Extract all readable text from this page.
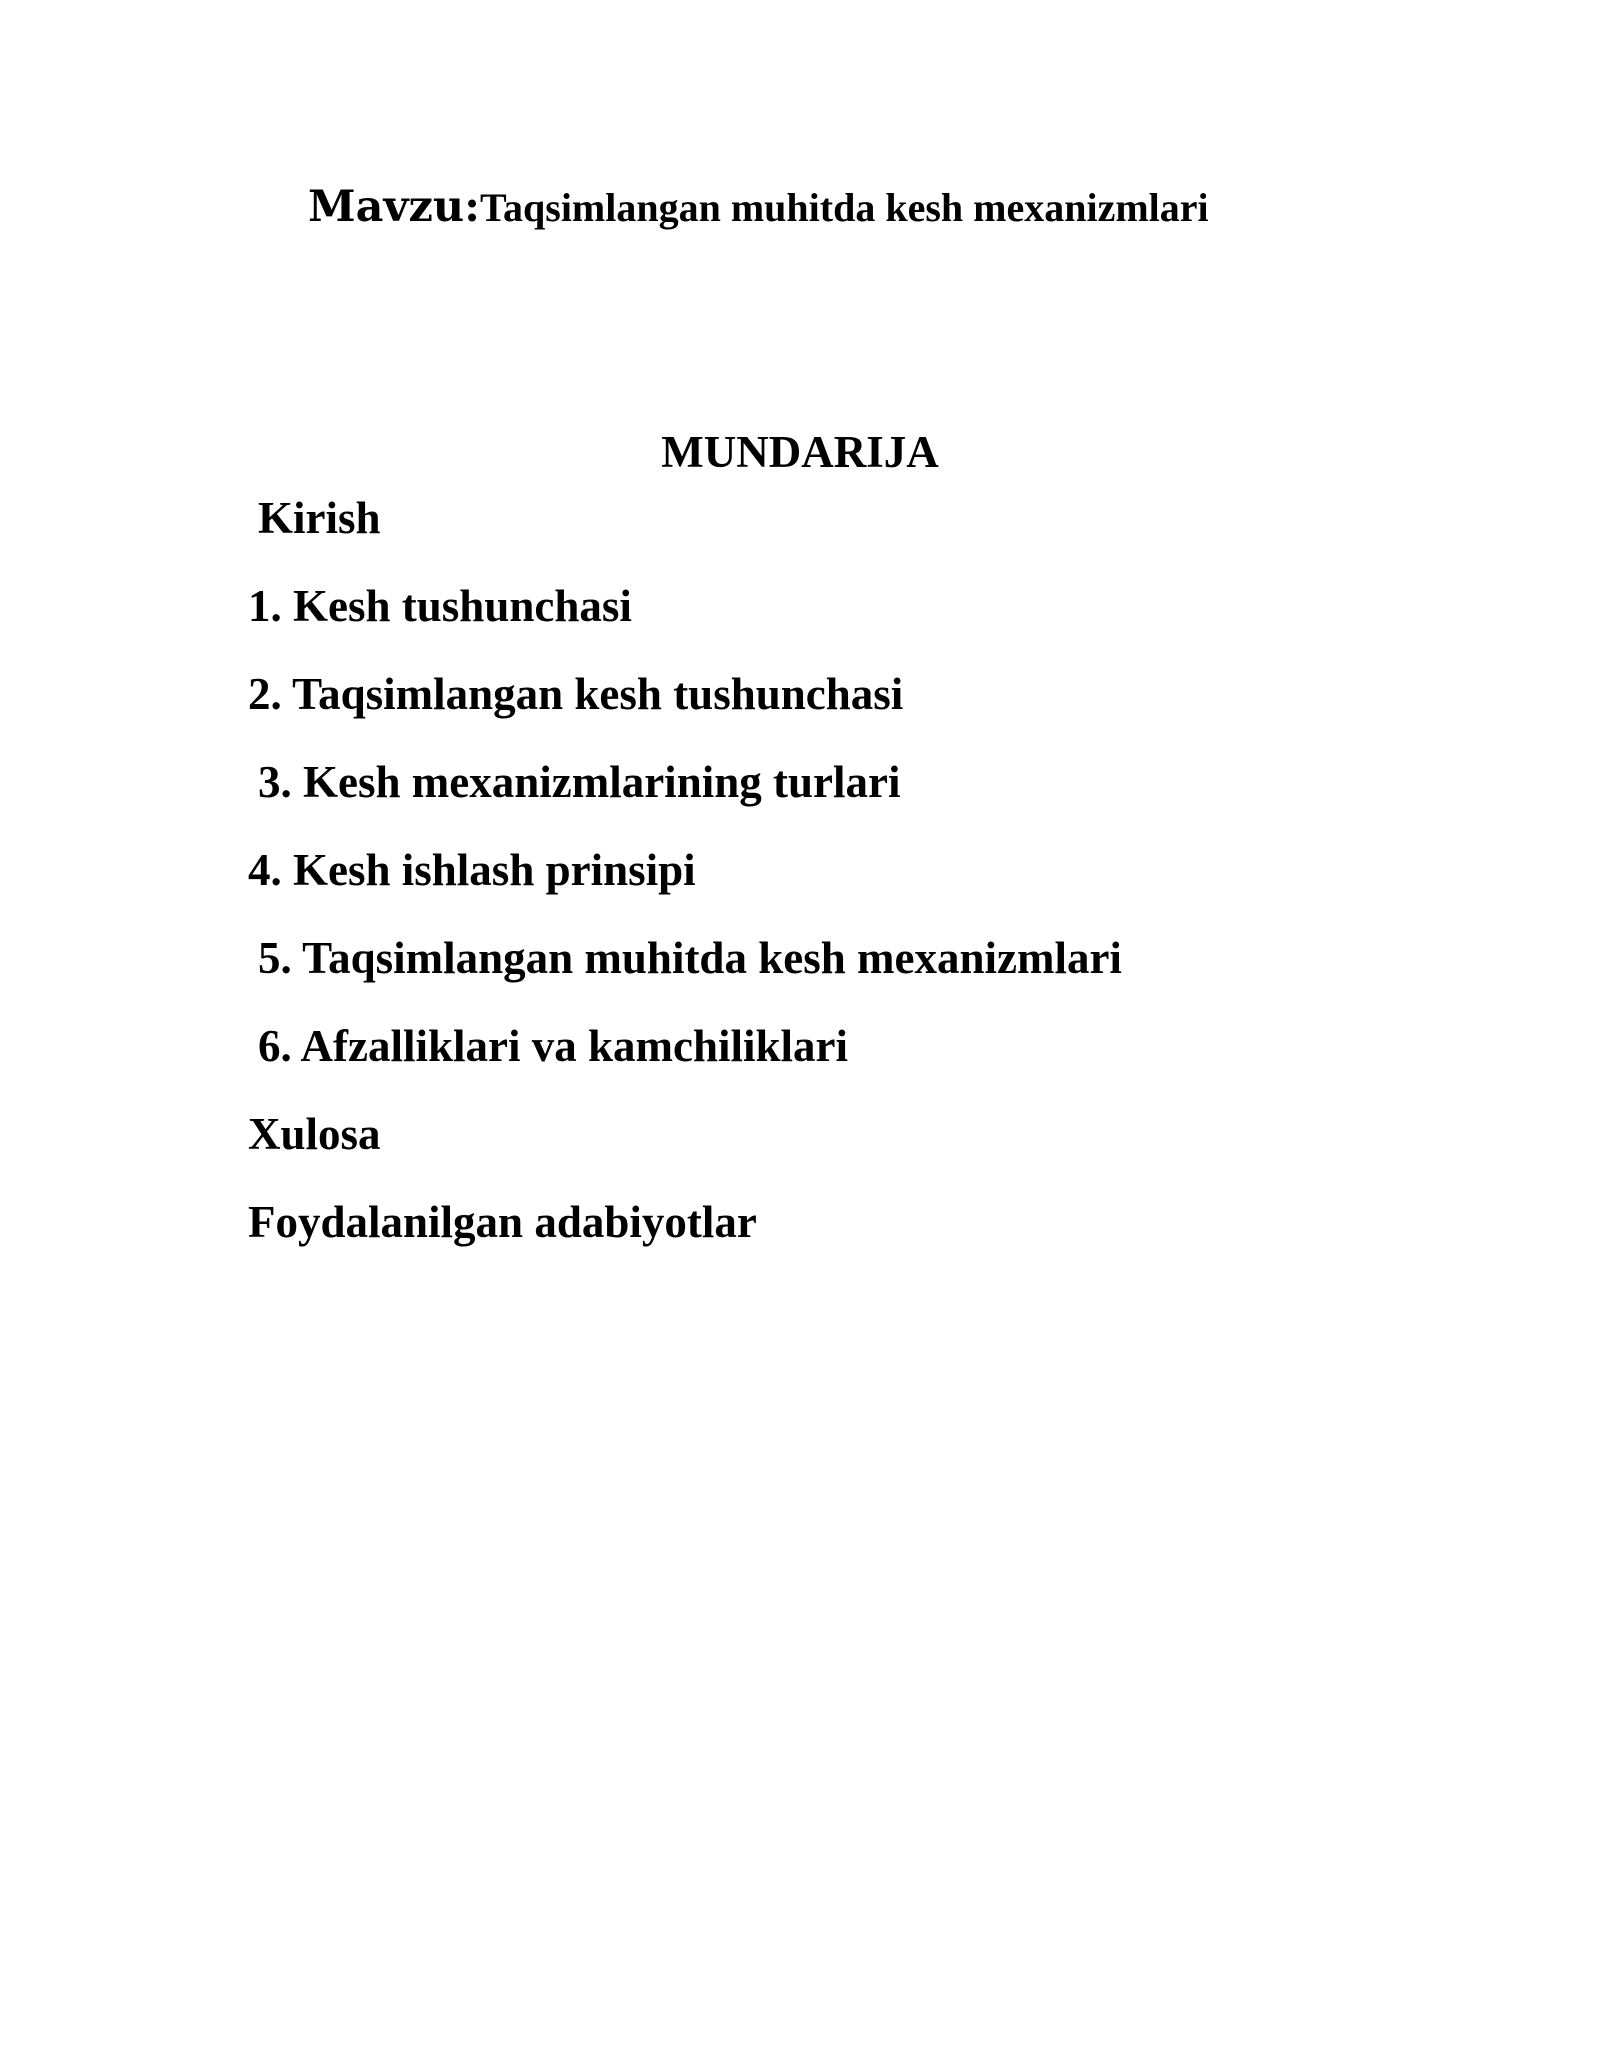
Mavzu:Taqsimlangan muhitda kesh mexanizmlari
MUNDARIJA
Kirish
1. Kesh tushunchasi
2. Taqsimlangan kesh tushunchasi
3. Kesh mexanizmlarining turlari
4. Kesh ishlash prinsipi
5. Taqsimlangan muhitda kesh mexanizmlari
6. Afzalliklari va kamchiliklari
Xulosa
Foydalanilgan adabiyotlar
